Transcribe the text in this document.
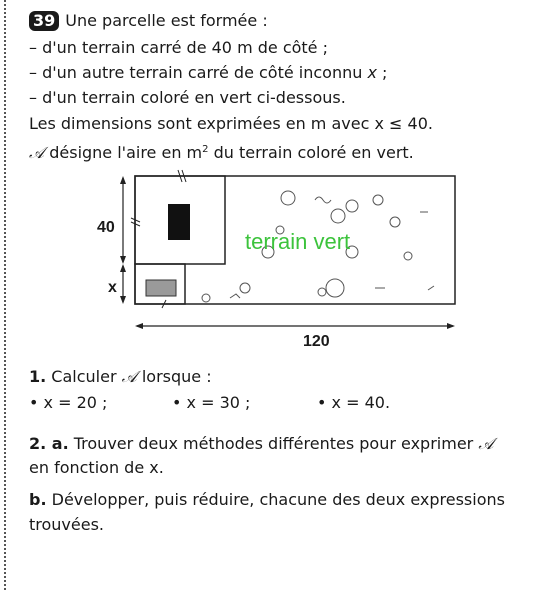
39 Une parcelle est formée :
– d'un terrain carré de 40 m de côté ;
– d'un autre terrain carré de côté inconnu x ;
– d'un terrain coloré en vert ci-dessous.
Les dimensions sont exprimées en m avec x ≤ 40.
𝒜 désigne l'aire en $m^2$ du terrain coloré en vert.
40
x
120
terrain vert
1. Calculer 𝒜 lorsque :
• x = 20 ;	• x = 30 ;	• x = 40.
2. a. Trouver deux méthodes différentes pour exprimer 𝒜
en fonction de x.
b. Développer, puis réduire, chacune des deux expressions
trouvées.
